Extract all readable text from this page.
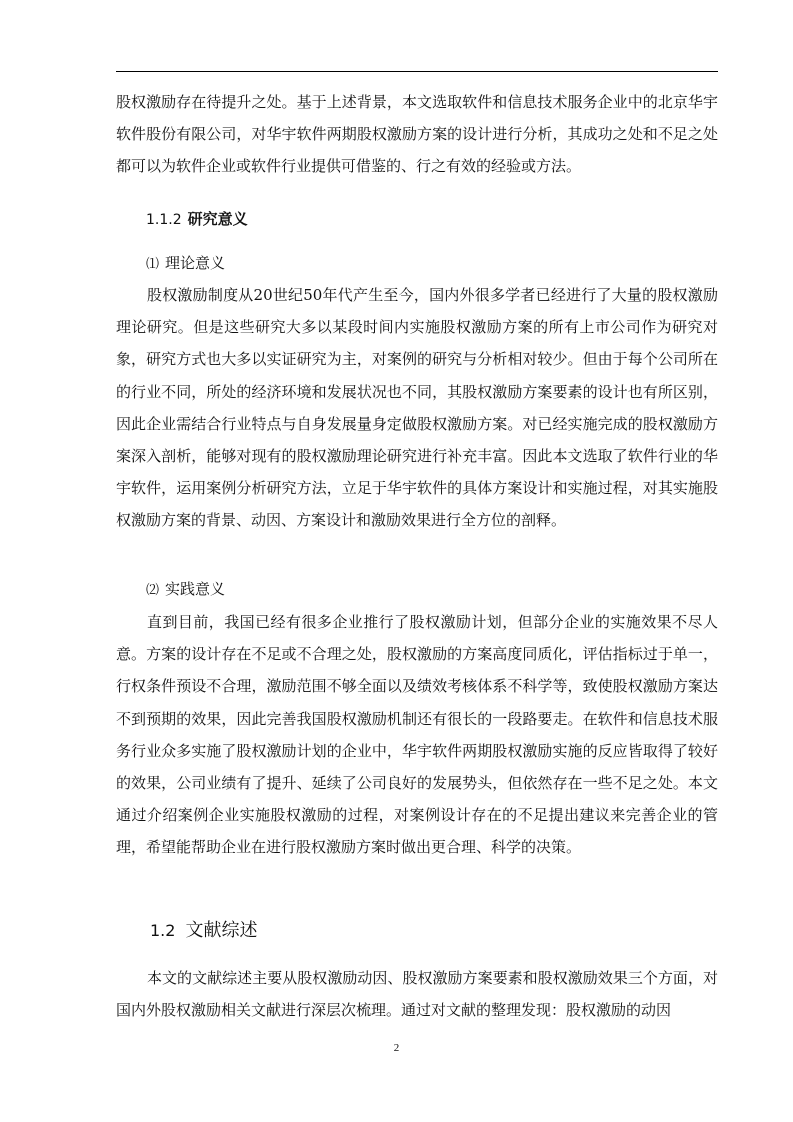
股权激励存在待提升之处。基于上述背景，本文选取软件和信息技术服务企业中的北京华宇软件股份有限公司，对华宇软件两期股权激励方案的设计进行分析，其成功之处和不足之处都可以为软件企业或软件行业提供可借鉴的、行之有效的经验或方法。

1.1.2 研究意义
⑴ 理论意义

股权激励制度从20世纪50年代产生至今，国内外很多学者已经进行了大量的股权激励理论研究。但是这些研究大多以某段时间内实施股权激励方案的所有上市公司作为研究对象，研究方式也大多以实证研究为主，对案例的研究与分析相对较少。但由于每个公司所在的行业不同，所处的经济环境和发展状况也不同，其股权激励方案要素的设计也有所区别，因此企业需结合行业特点与自身发展量身定做股权激励方案。对已经实施完成的股权激励方案深入剖析，能够对现有的股权激励理论研究进行补充丰富。因此本文选取了软件行业的华宇软件，运用案例分析研究方法，立足于华宇软件的具体方案设计和实施过程，对其实施股权激励方案的背景、动因、方案设计和激励效果进行全方位的剖释。

⑵ 实践意义

直到目前，我国已经有很多企业推行了股权激励计划，但部分企业的实施效果不尽人意。方案的设计存在不足或不合理之处，股权激励的方案高度同质化，评估指标过于单一，行权条件预设不合理，激励范围不够全面以及绩效考核体系不科学等，致使股权激励方案达不到预期的效果，因此完善我国股权激励机制还有很长的一段路要走。在软件和信息技术服务行业众多实施了股权激励计划的企业中，华宇软件两期股权激励实施的反应皆取得了较好的效果，公司业绩有了提升、延续了公司良好的发展势头，但依然存在一些不足之处。本文通过介绍案例企业实施股权激励的过程，对案例设计存在的不足提出建议来完善企业的管理，希望能帮助企业在进行股权激励方案时做出更合理、科学的决策。

1.2 文献综述

本文的文献综述主要从股权激励动因、股权激励方案要素和股权激励效果三个方面，对国内外股权激励相关文献进行深层次梳理。通过对文献的整理发现：股权激励的动因

2
